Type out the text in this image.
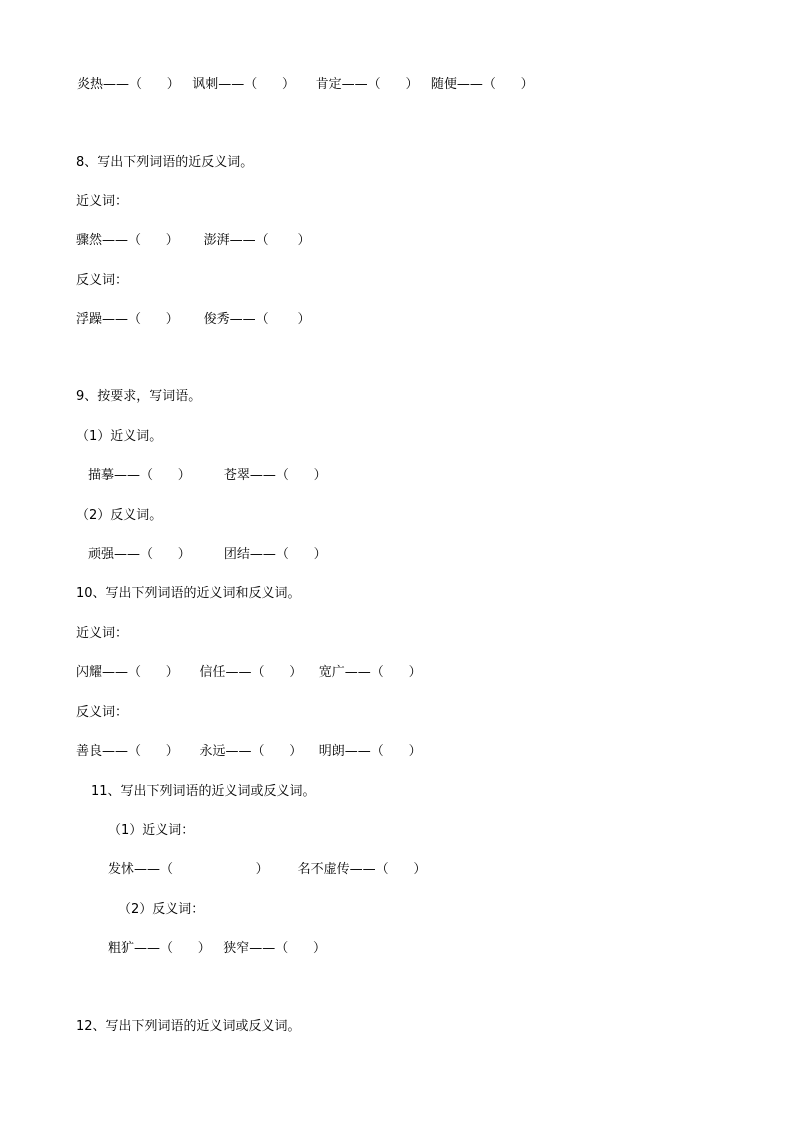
炎热——（      ）   讽刺——（      ）     肯定——（      ）   随便——（      ）

8、写出下列词语的近反义词。

近义词：

骤然——（      ）      澎湃——（       ）

反义词：

浮躁——（      ）      俊秀——（       ）

9、按要求，写词语。

（1）近义词。

描摹——（      ）        苍翠——（      ）

（2）反义词。

顽强——（      ）        团结——（      ）

10、写出下列词语的近义词和反义词。

近义词：

闪耀——（      ）     信任——（      ）    宽广——（      ）

反义词：

善良——（      ）     永远——（      ）    明朗——（      ）

11、写出下列词语的近义词或反义词。

（1）近义词：

发怵——（                    ）       名不虚传——（      ）

（2）反义词：

粗犷——（      ）   狭窄——（      ）

12、写出下列词语的近义词或反义词。
